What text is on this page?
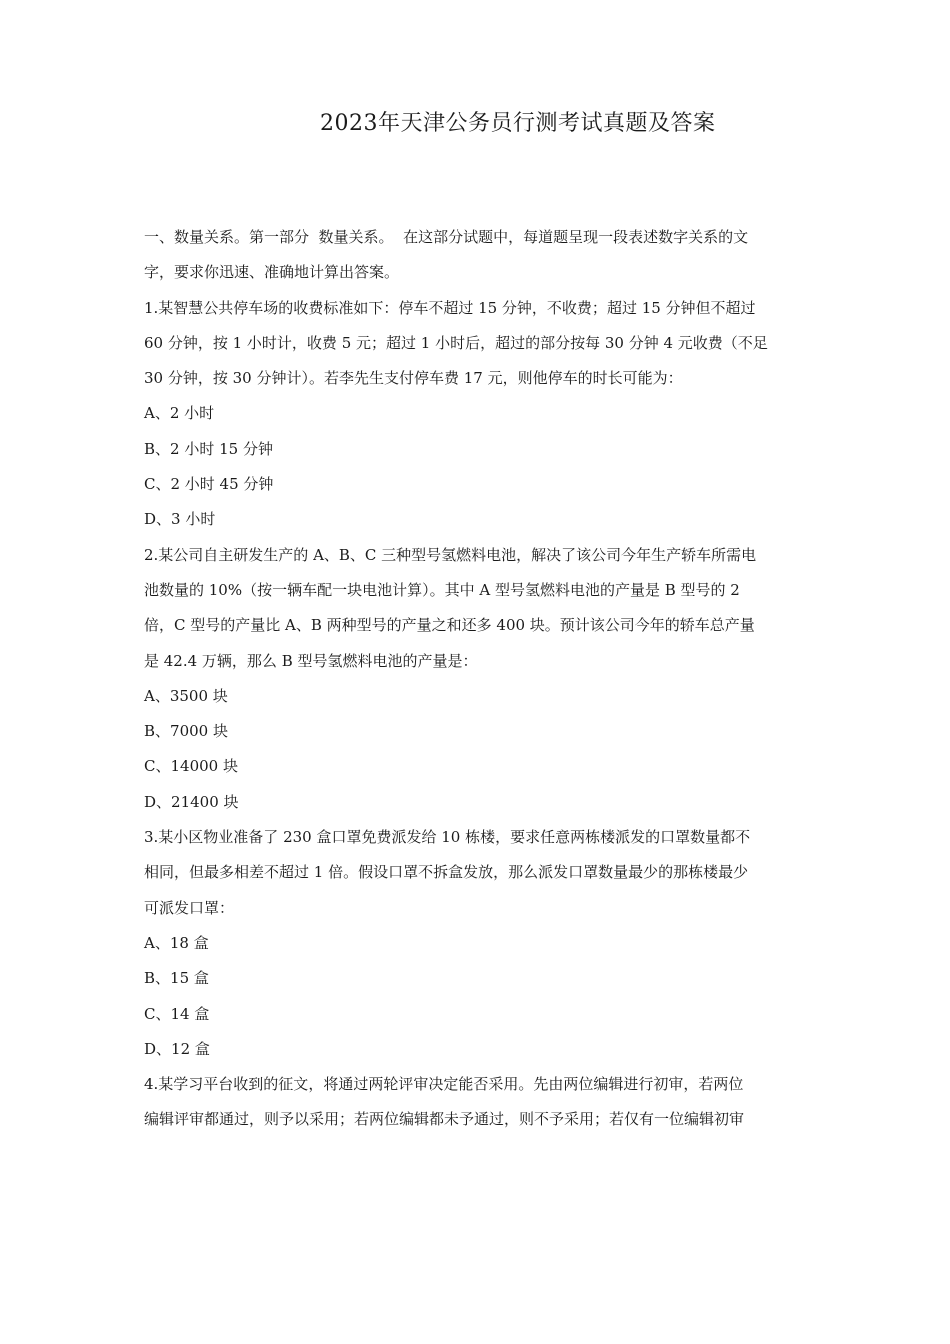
2023年天津公务员行测考试真题及答案
一、数量关系。第一部分  数量关系。  在这部分试题中，每道题呈现一段表述数字关系的文
字，要求你迅速、准确地计算出答案。
1.某智慧公共停车场的收费标准如下：停车不超过 15 分钟，不收费；超过 15 分钟但不超过
60 分钟，按 1 小时计，收费 5 元；超过 1 小时后，超过的部分按每 30 分钟 4 元收费（不足
30 分钟，按 30 分钟计）。若李先生支付停车费 17 元，则他停车的时长可能为：
A、2 小时
B、2 小时 15 分钟
C、2 小时 45 分钟
D、3 小时
2.某公司自主研发生产的 A、B、C 三种型号氢燃料电池，解决了该公司今年生产轿车所需电
池数量的 10%（按一辆车配一块电池计算）。其中 A 型号氢燃料电池的产量是 B 型号的 2
倍，C 型号的产量比 A、B 两种型号的产量之和还多 400 块。预计该公司今年的轿车总产量
是 42.4 万辆，那么 B 型号氢燃料电池的产量是：
A、3500 块
B、7000 块
C、14000 块
D、21400 块
3.某小区物业准备了 230 盒口罩免费派发给 10 栋楼，要求任意两栋楼派发的口罩数量都不
相同，但最多相差不超过 1 倍。假设口罩不拆盒发放，那么派发口罩数量最少的那栋楼最少
可派发口罩：
A、18 盒
B、15 盒
C、14 盒
D、12 盒
4.某学习平台收到的征文，将通过两轮评审决定能否采用。先由两位编辑进行初审，若两位
编辑评审都通过，则予以采用；若两位编辑都未予通过，则不予采用；若仅有一位编辑初审
